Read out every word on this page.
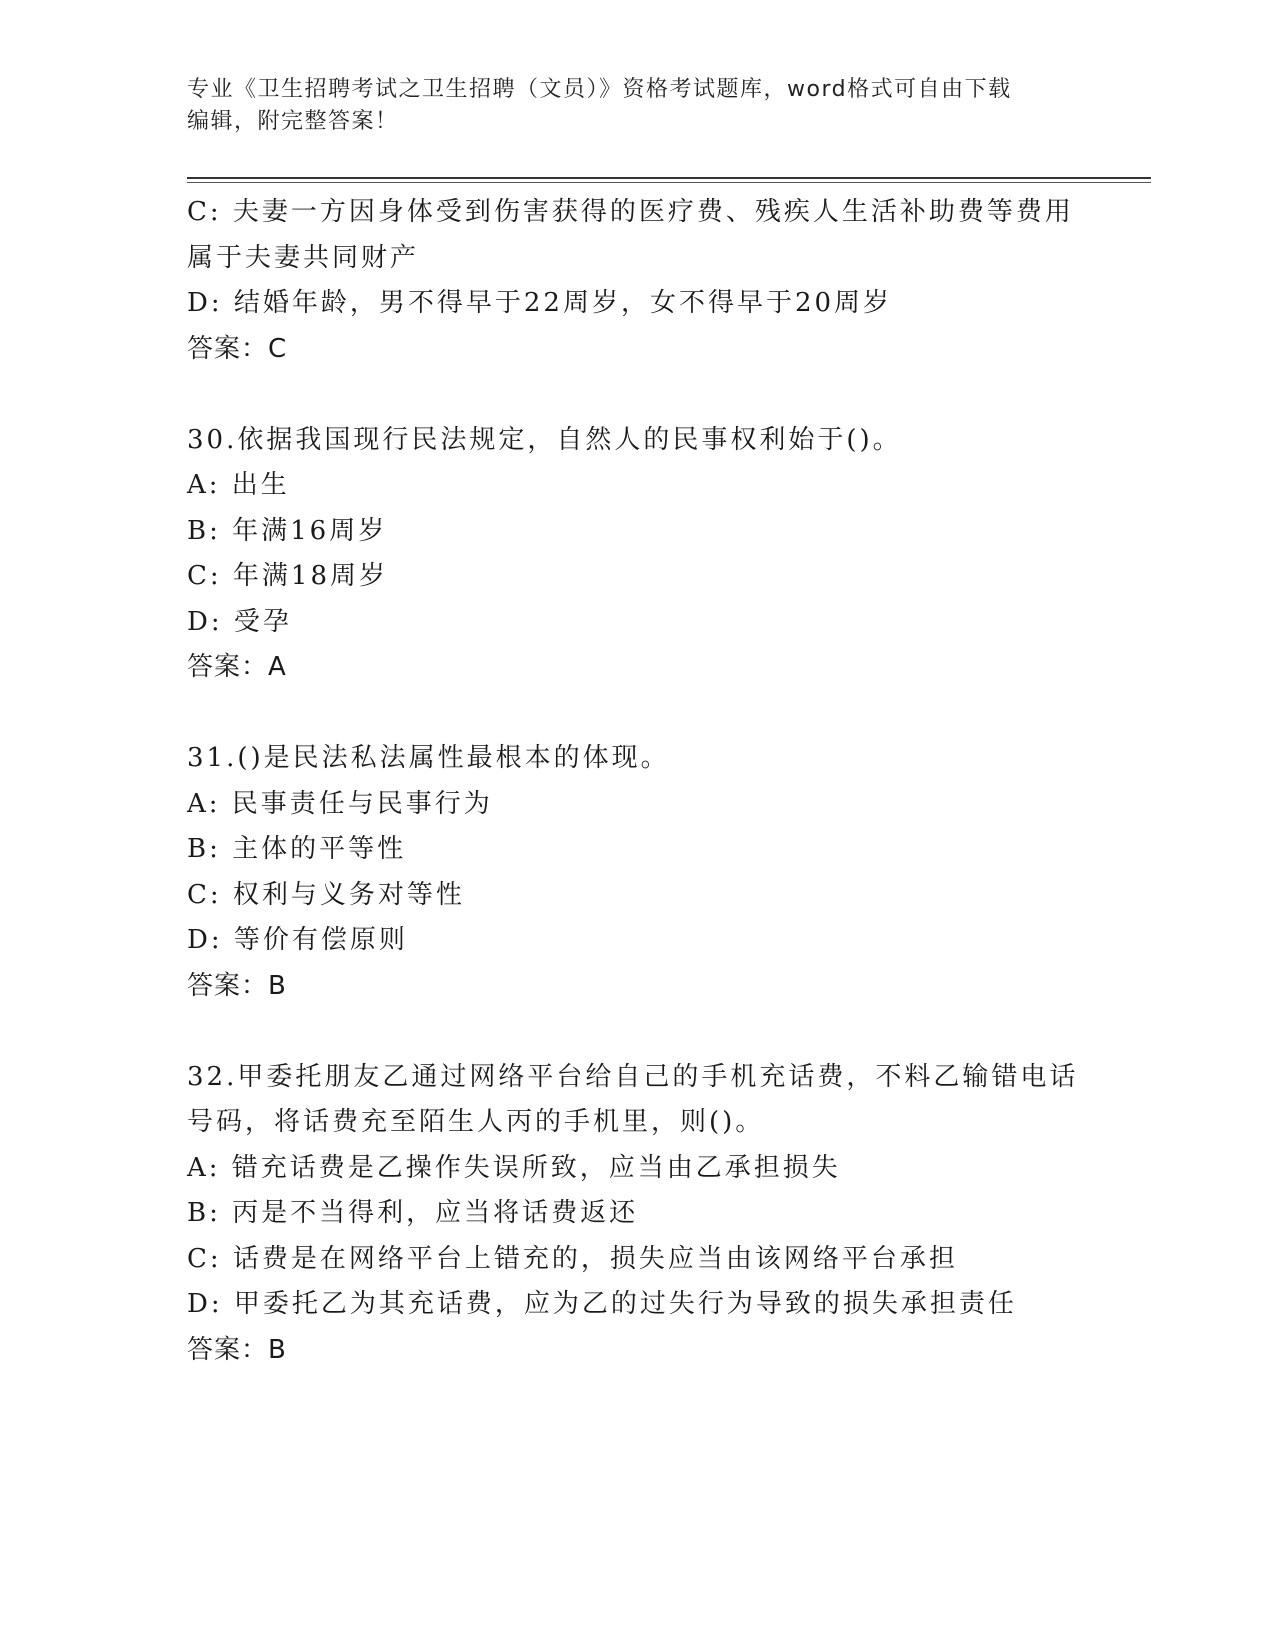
专业《卫生招聘考试之卫生招聘（文员）》资格考试题库，word格式可自由下载
编辑，附完整答案！
C: 夫妻一方因身体受到伤害获得的医疗费、残疾人生活补助费等费用
属于夫妻共同财产
D: 结婚年龄，男不得早于22周岁，女不得早于20周岁
答案：C
30.依据我国现行民法规定，自然人的民事权利始于()。
A: 出生
B: 年满16周岁
C: 年满18周岁
D: 受孕
答案：A
31.()是民法私法属性最根本的体现。
A: 民事责任与民事行为
B: 主体的平等性
C: 权利与义务对等性
D: 等价有偿原则
答案：B
32.甲委托朋友乙通过网络平台给自己的手机充话费，不料乙输错电话
号码，将话费充至陌生人丙的手机里，则()。
A: 错充话费是乙操作失误所致，应当由乙承担损失
B: 丙是不当得利，应当将话费返还
C: 话费是在网络平台上错充的，损失应当由该网络平台承担
D: 甲委托乙为其充话费，应为乙的过失行为导致的损失承担责任
答案：B
